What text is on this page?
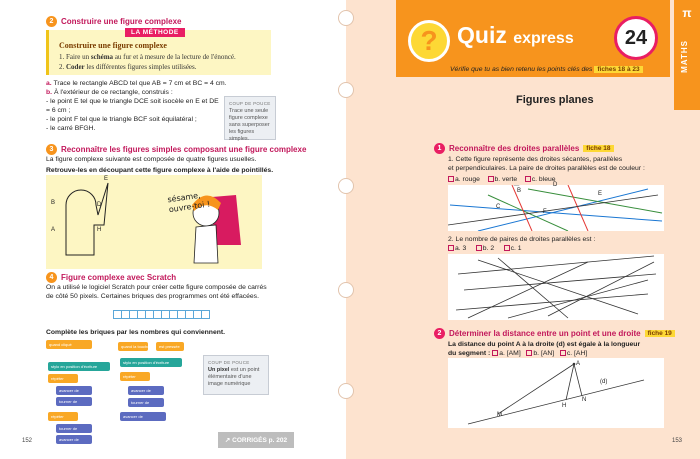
2 Construire une figure complexe
LA MÉTHODE
Construire une figure complexe
1. Faire un schéma au fur et à mesure de la lecture de l'énoncé.
2. Coder les différentes figures simples utilisées.
a. Trace le rectangle ABCD tel que AB = 7 cm et BC = 4 cm.
b. À l'extérieur de ce rectangle, construis :
- le point E tel que le triangle DCE soit isocèle en E et DE = 6 cm ;
- le point F tel que le triangle BCF soit équilatéral ;
- le carré BFGH.
COUP DE POUCE
Trace une seule figure complexe sans superposer les figures simples.
3 Reconnaître les figures simples composant une figure complexe
La figure complexe suivante est composée de quatre figures usuelles.
Retrouve-les en découpant cette figure complexe à l'aide de pointillés.
E
B	D
A	H
sésame, ouvre-toi !
4 Figure complexe avec Scratch
On a utilisé le logiciel Scratch pour créer cette figure composée de carrés
de côté 50 pixels. Certaines briques des programmes ont été effacées.
Complète les briques par les nombres qui conviennent.
quand cliqué
stylo en position d'écriture
répéter
avancer de
tourner de
répéter
tourner de
avancer de
quand la touche	est pressée
stylo en position d'écriture
répéter
avancer de
tourner de
avancer de
COUP DE POUCE
Un pixel est un point élémentaire d'une image numérique
152	↗ CORRIGÉS p. 202
? Quiz express	24
π
MATHS
Vérifie que tu as bien retenu les points clés des fiches 18 à 23
Figures planes
1 Reconnaître des droites parallèles	fiche 18
1. Cette figure représente des droites sécantes, parallèles
et perpendiculaires. La paire de droites parallèles est de couleur :
a. rouge b. verte c. bleue
B
C
D
E
F
2. Le nombre de paires de droites parallèles est :
a. 3 b. 2 c. 1
2 Déterminer la distance entre un point et une droite	fiche 19
La distance du point A à la droite (d) est égale à la longueur
du segment : a. [AM] b. [AN] c. [AH]
A
(d)
M
H
N
153
